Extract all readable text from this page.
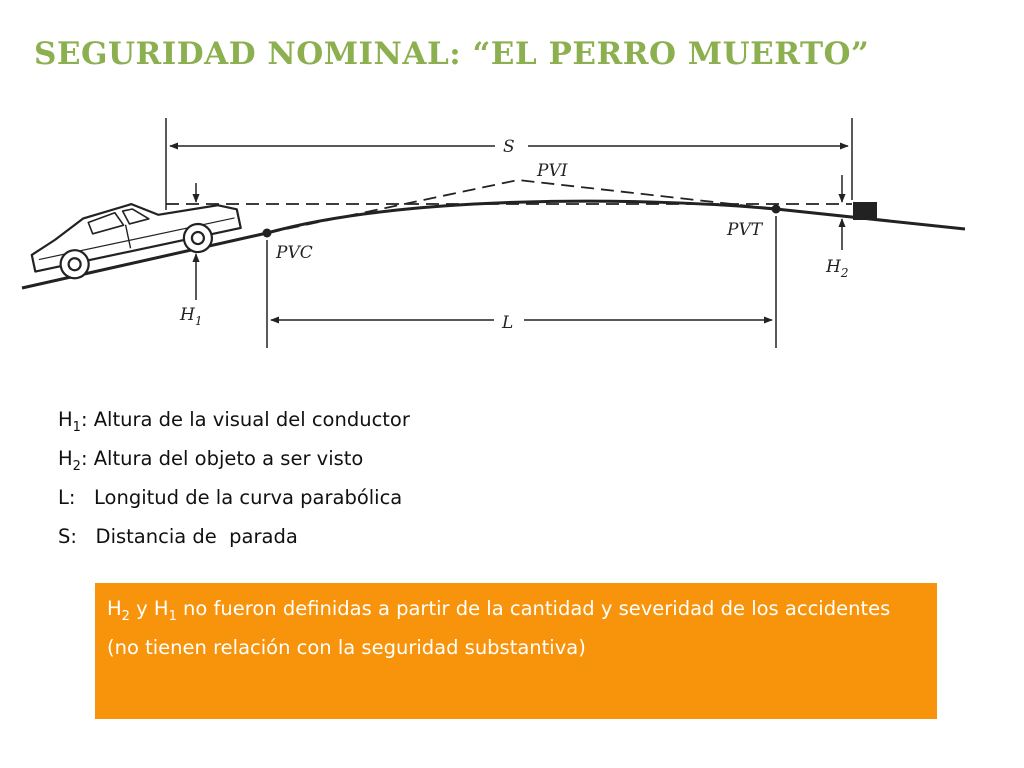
SEGURIDAD NOMINAL: “EL PERRO MUERTO”
S
PVI
PVC
PVT
L
$H_1$
$H_2$
$H_1$: Altura de la visual del conductor
$H_2$: Altura del objeto a ser visto
L:   Longitud de la curva parabólica
S:   Distancia de  parada
$H_2$ y $H_1$ no fueron definidas a partir de la cantidad y severidad de los accidentes (no tienen relación con la seguridad substantiva)
